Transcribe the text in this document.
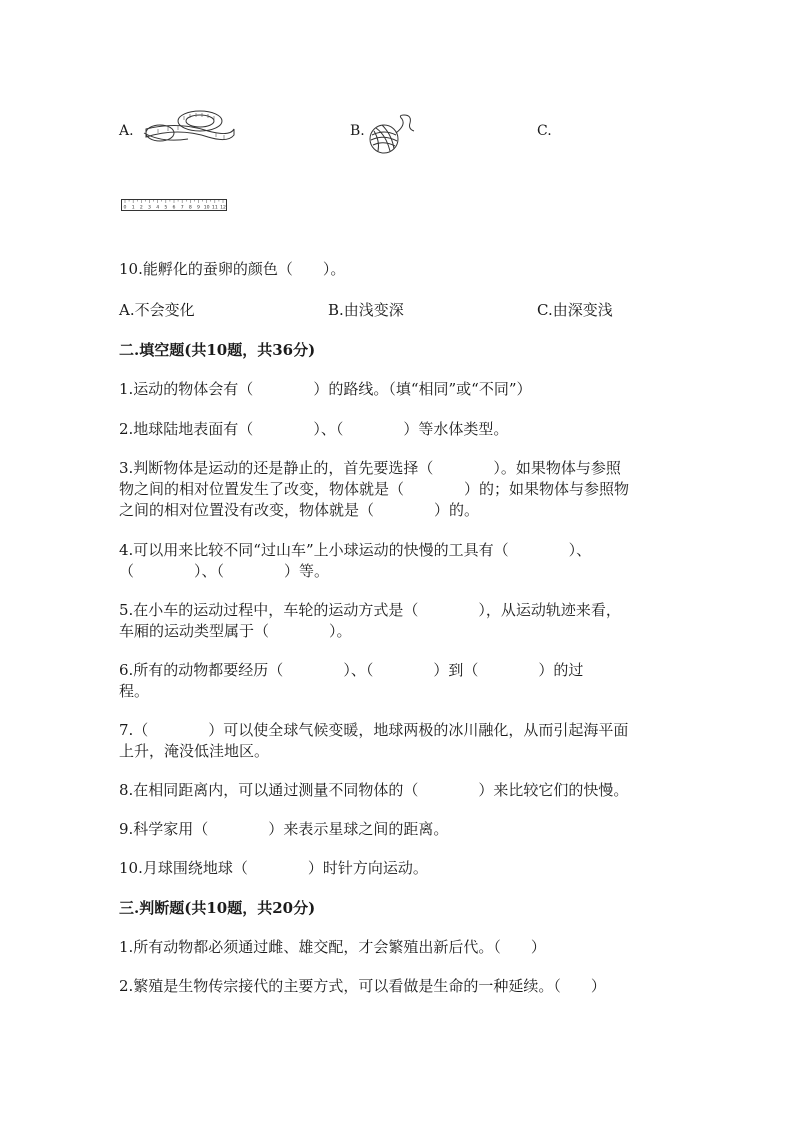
A.	B.	C.
0 1 2 3 4 5 6 7 8 9 10 11 12
10.能孵化的蚕卵的颜色（　　）。
A.不会变化	B.由浅变深	C.由深变浅
二.填空题(共10题，共36分)
1.运动的物体会有（　　　　）的路线。（填“相同”或“不同”）
2.地球陆地表面有（　　　　）、（　　　　）等水体类型。
3.判断物体是运动的还是静止的，首先要选择（　　　　）。如果物体与参照
物之间的相对位置发生了改变，物体就是（　　　　）的；如果物体与参照物
之间的相对位置没有改变，物体就是（　　　　）的。
4.可以用来比较不同“过山车”上小球运动的快慢的工具有（　　　　）、
（　　　　）、（　　　　）等。
5.在小车的运动过程中，车轮的运动方式是（　　　　），从运动轨迹来看，
车厢的运动类型属于（　　　　）。
6.所有的动物都要经历（　　　　）、（　　　　）到（　　　　）的过
程。
7.（　　　　）可以使全球气候变暖，地球两极的冰川融化，从而引起海平面
上升，淹没低洼地区。
8.在相同距离内，可以通过测量不同物体的（　　　　）来比较它们的快慢。
9.科学家用（　　　　）来表示星球之间的距离。
10.月球围绕地球（　　　　）时针方向运动。
三.判断题(共10题，共20分)
1.所有动物都必须通过雌、雄交配，才会繁殖出新后代。（　　）
2.繁殖是生物传宗接代的主要方式，可以看做是生命的一种延续。（　　）
